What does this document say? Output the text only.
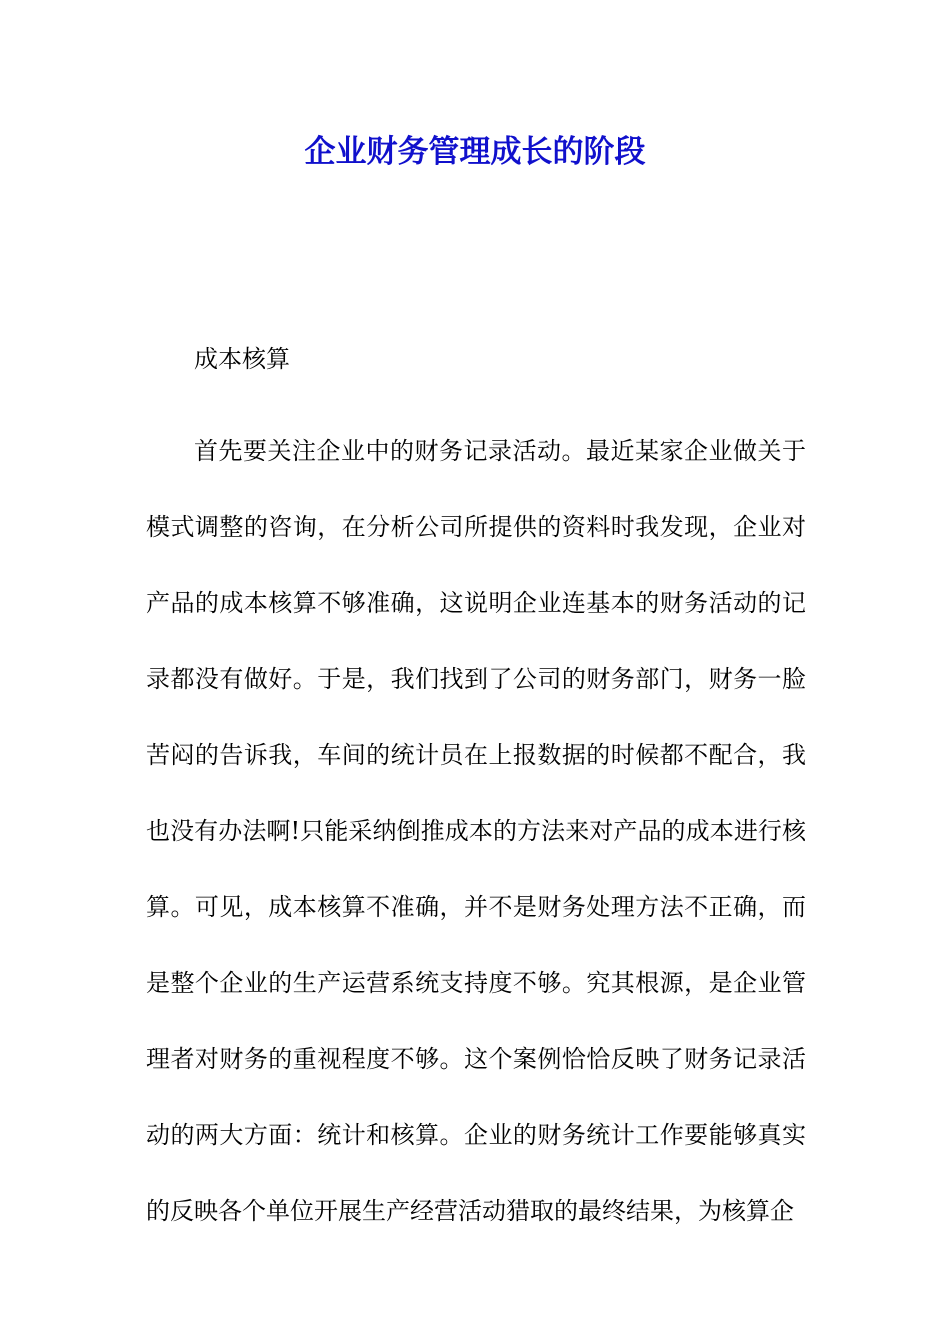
企业财务管理成长的阶段

成本核算

首先要关注企业中的财务记录活动。最近某家企业做关于模式调整的咨询，在分析公司所提供的资料时我发现，企业对产品的成本核算不够准确，这说明企业连基本的财务活动的记录都没有做好。于是，我们找到了公司的财务部门，财务一脸苦闷的告诉我，车间的统计员在上报数据的时候都不配合，我也没有办法啊!只能采纳倒推成本的方法来对产品的成本进行核算。可见，成本核算不准确，并不是财务处理方法不正确，而是整个企业的生产运营系统支持度不够。究其根源，是企业管理者对财务的重视程度不够。这个案例恰恰反映了财务记录活动的两大方面：统计和核算。企业的财务统计工作要能够真实的反映各个单位开展生产经营活动猎取的最终结果，为核算企
